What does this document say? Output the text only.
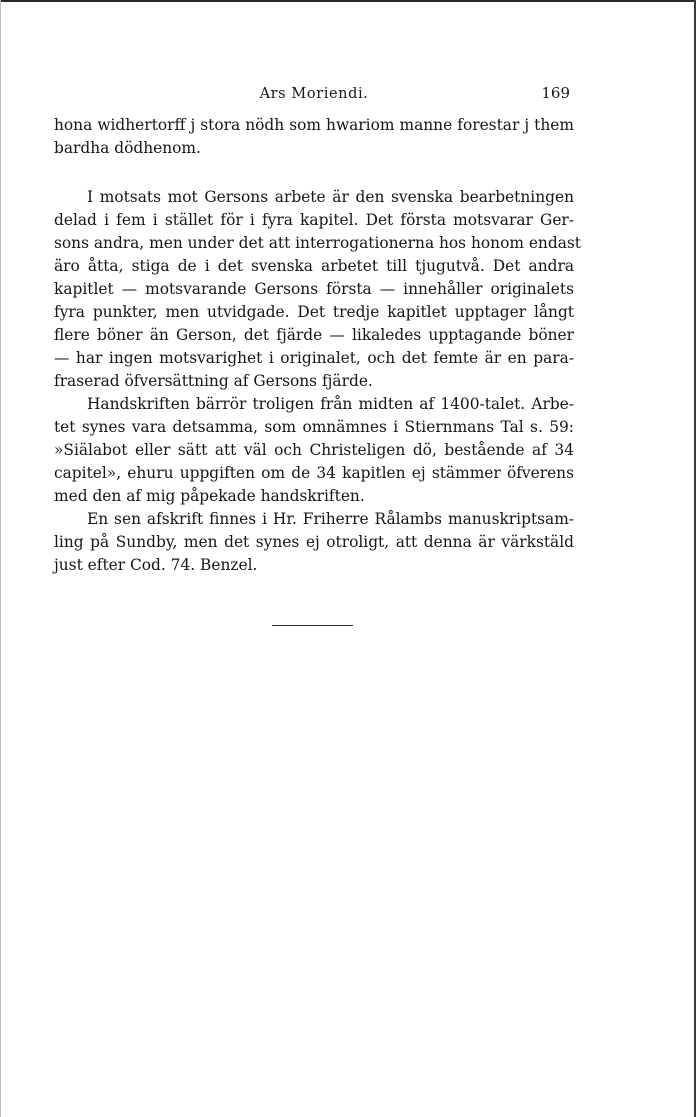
Ars Moriendi.	169
hona widhertorff j stora nödh som hwariom manne forestar j them
bardha dödhenom.
I motsats mot Gersons arbete är den svenska bearbetningen
delad i fem i stället för i fyra kapitel. Det första motsvarar Ger-
sons andra, men under det att interrogationerna hos honom endast
äro åtta, stiga de i det svenska arbetet till tjugutvå. Det andra
kapitlet — motsvarande Gersons första — innehåller originalets
fyra punkter, men utvidgade. Det tredje kapitlet upptager långt
flere böner än Gerson, det fjärde — likaledes upptagande böner
— har ingen motsvarighet i originalet, och det femte är en para-
fraserad öfversättning af Gersons fjärde.
Handskriften bärrör troligen från midten af 1400-talet. Arbe-
tet synes vara detsamma, som omnämnes i Stiernmans Tal s. 59:
»Siälabot eller sätt att väl och Christeligen dö, bestående af 34
capitel», ehuru uppgiften om de 34 kapitlen ej stämmer öfverens
med den af mig påpekade handskriften.
En sen afskrift finnes i Hr. Friherre Rålambs manuskriptsam-
ling på Sundby, men det synes ej otroligt, att denna är värkstäld
just efter Cod. 74. Benzel.
